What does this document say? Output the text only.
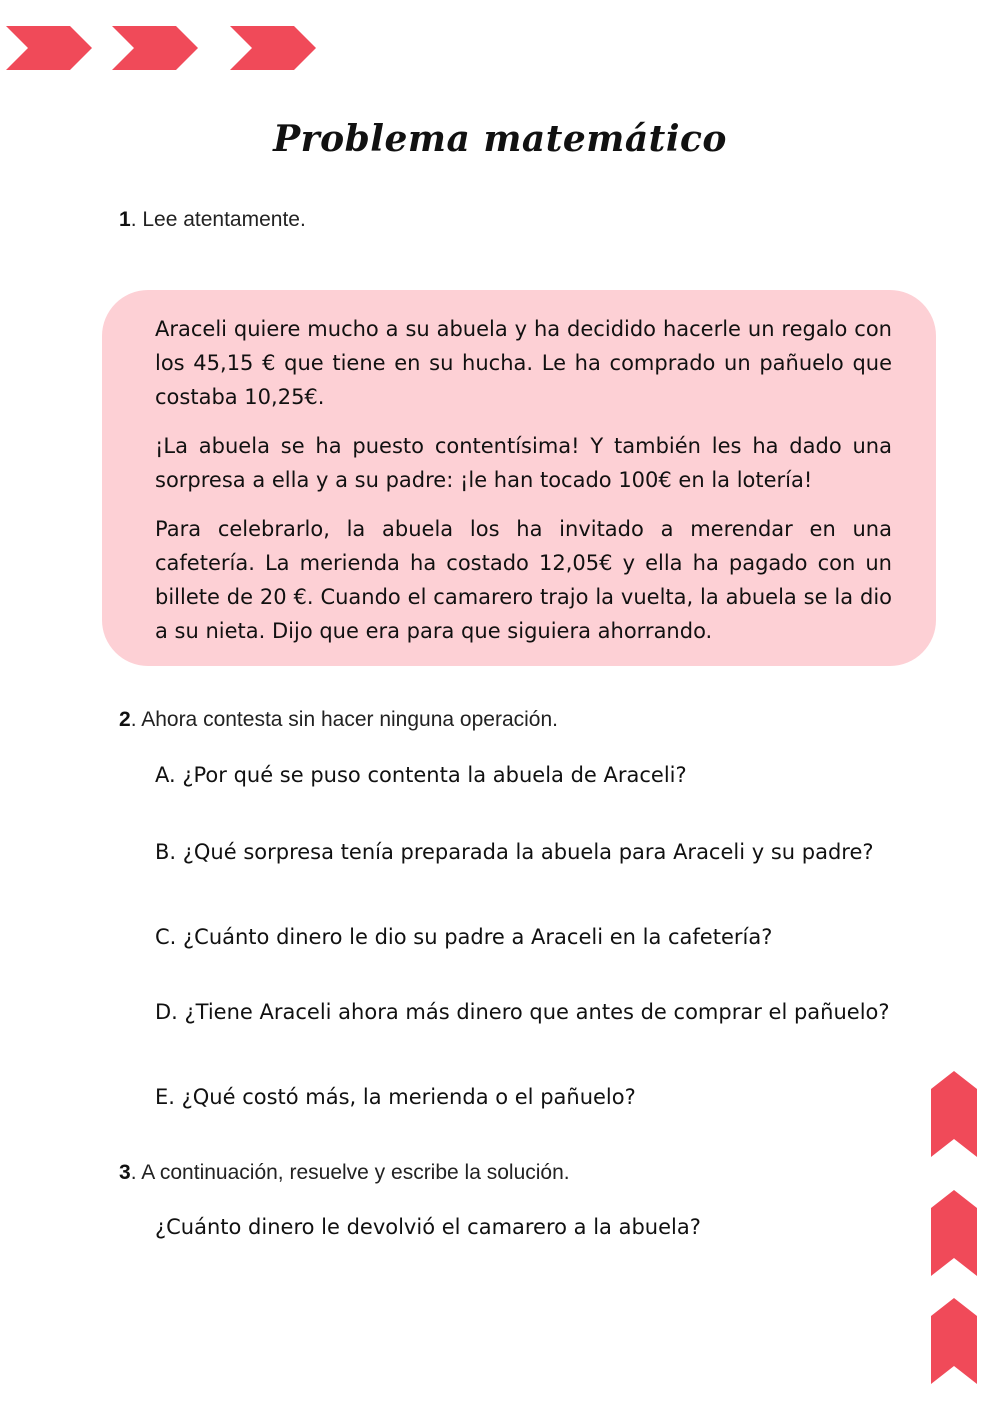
Problema matemático
1. Lee atentamente.

Araceli quiere mucho a su abuela y ha decidido hacerle un regalo con los 45,15 € que tiene en su hucha. Le ha comprado un pañuelo que costaba 10,25€.

¡La abuela se ha puesto contentísima! Y también les ha dado una sorpresa a ella y a su padre: ¡le han tocado 100€ en la lotería!

Para celebrarlo, la abuela los ha invitado a merendar en una cafetería. La merienda ha costado 12,05€ y ella ha pagado con un billete de 20 €. Cuando el camarero trajo la vuelta, la abuela se la dio a su nieta. Dijo que era para que siguiera ahorrando.

2. Ahora contesta sin hacer ninguna operación.

A. ¿Por qué se puso contenta la abuela de Araceli?

B. ¿Qué sorpresa tenía preparada la abuela para Araceli y su padre?

C. ¿Cuánto dinero le dio su padre a Araceli en la cafetería?

D. ¿Tiene Araceli ahora más dinero que antes de comprar el pañuelo?

E. ¿Qué costó más, la merienda o el pañuelo?

3. A continuación, resuelve y escribe la solución.

¿Cuánto dinero le devolvió el camarero a la abuela?
